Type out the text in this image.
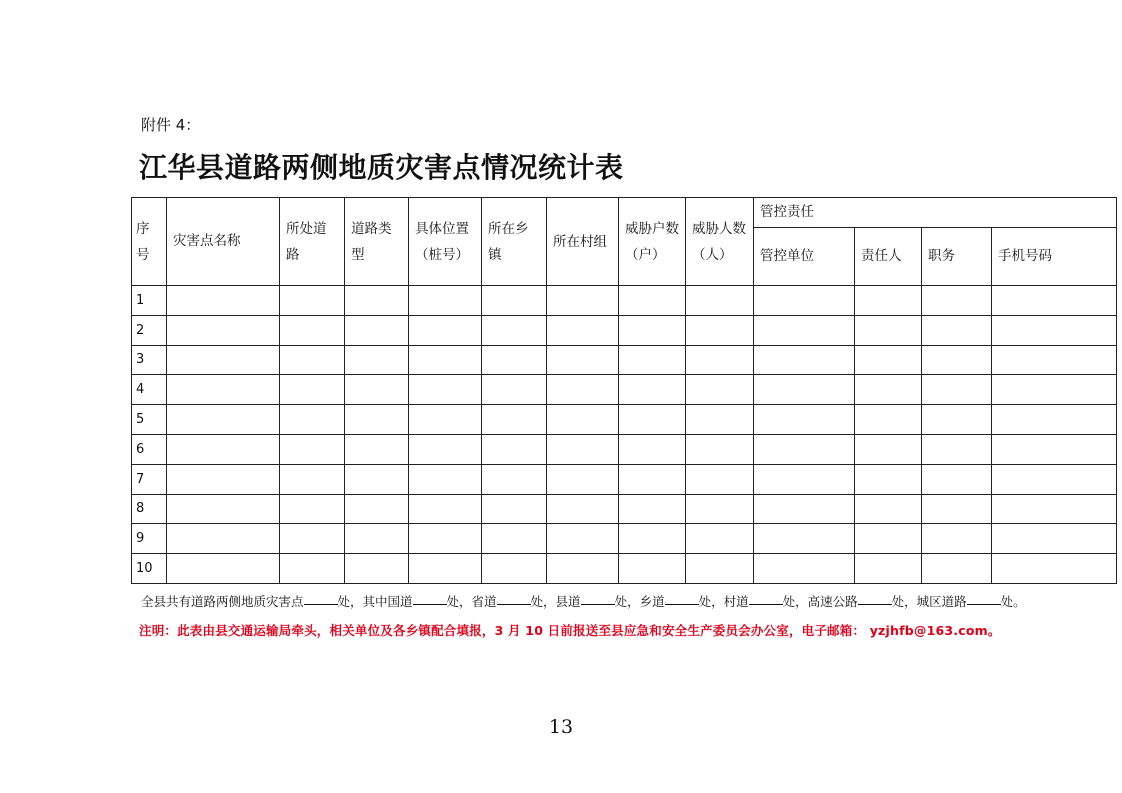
附件 4：
江华县道路两侧地质灾害点情况统计表
序号	灾害点名称	所处道路	道路类型	具体位置（桩号）	所在乡镇	所在村组	威胁户数（户）	威胁人数（人）	管控责任			
									管控单位	责任人	职务	手机号码
1												
2												
3												
4												
5												
6												
7												
8												
9												
10												
全县共有道路两侧地质灾害点	处，其中国道	处，省道	处，县道	处，乡道	处，村道	处，高速公路	处，城区道路	处。
注明：此表由县交通运输局牵头，相关单位及各乡镇配合填报，3 月 10 日前报送至县应急和安全生产委员会办公室，电子邮箱： yzjhfb@163.com。
13
